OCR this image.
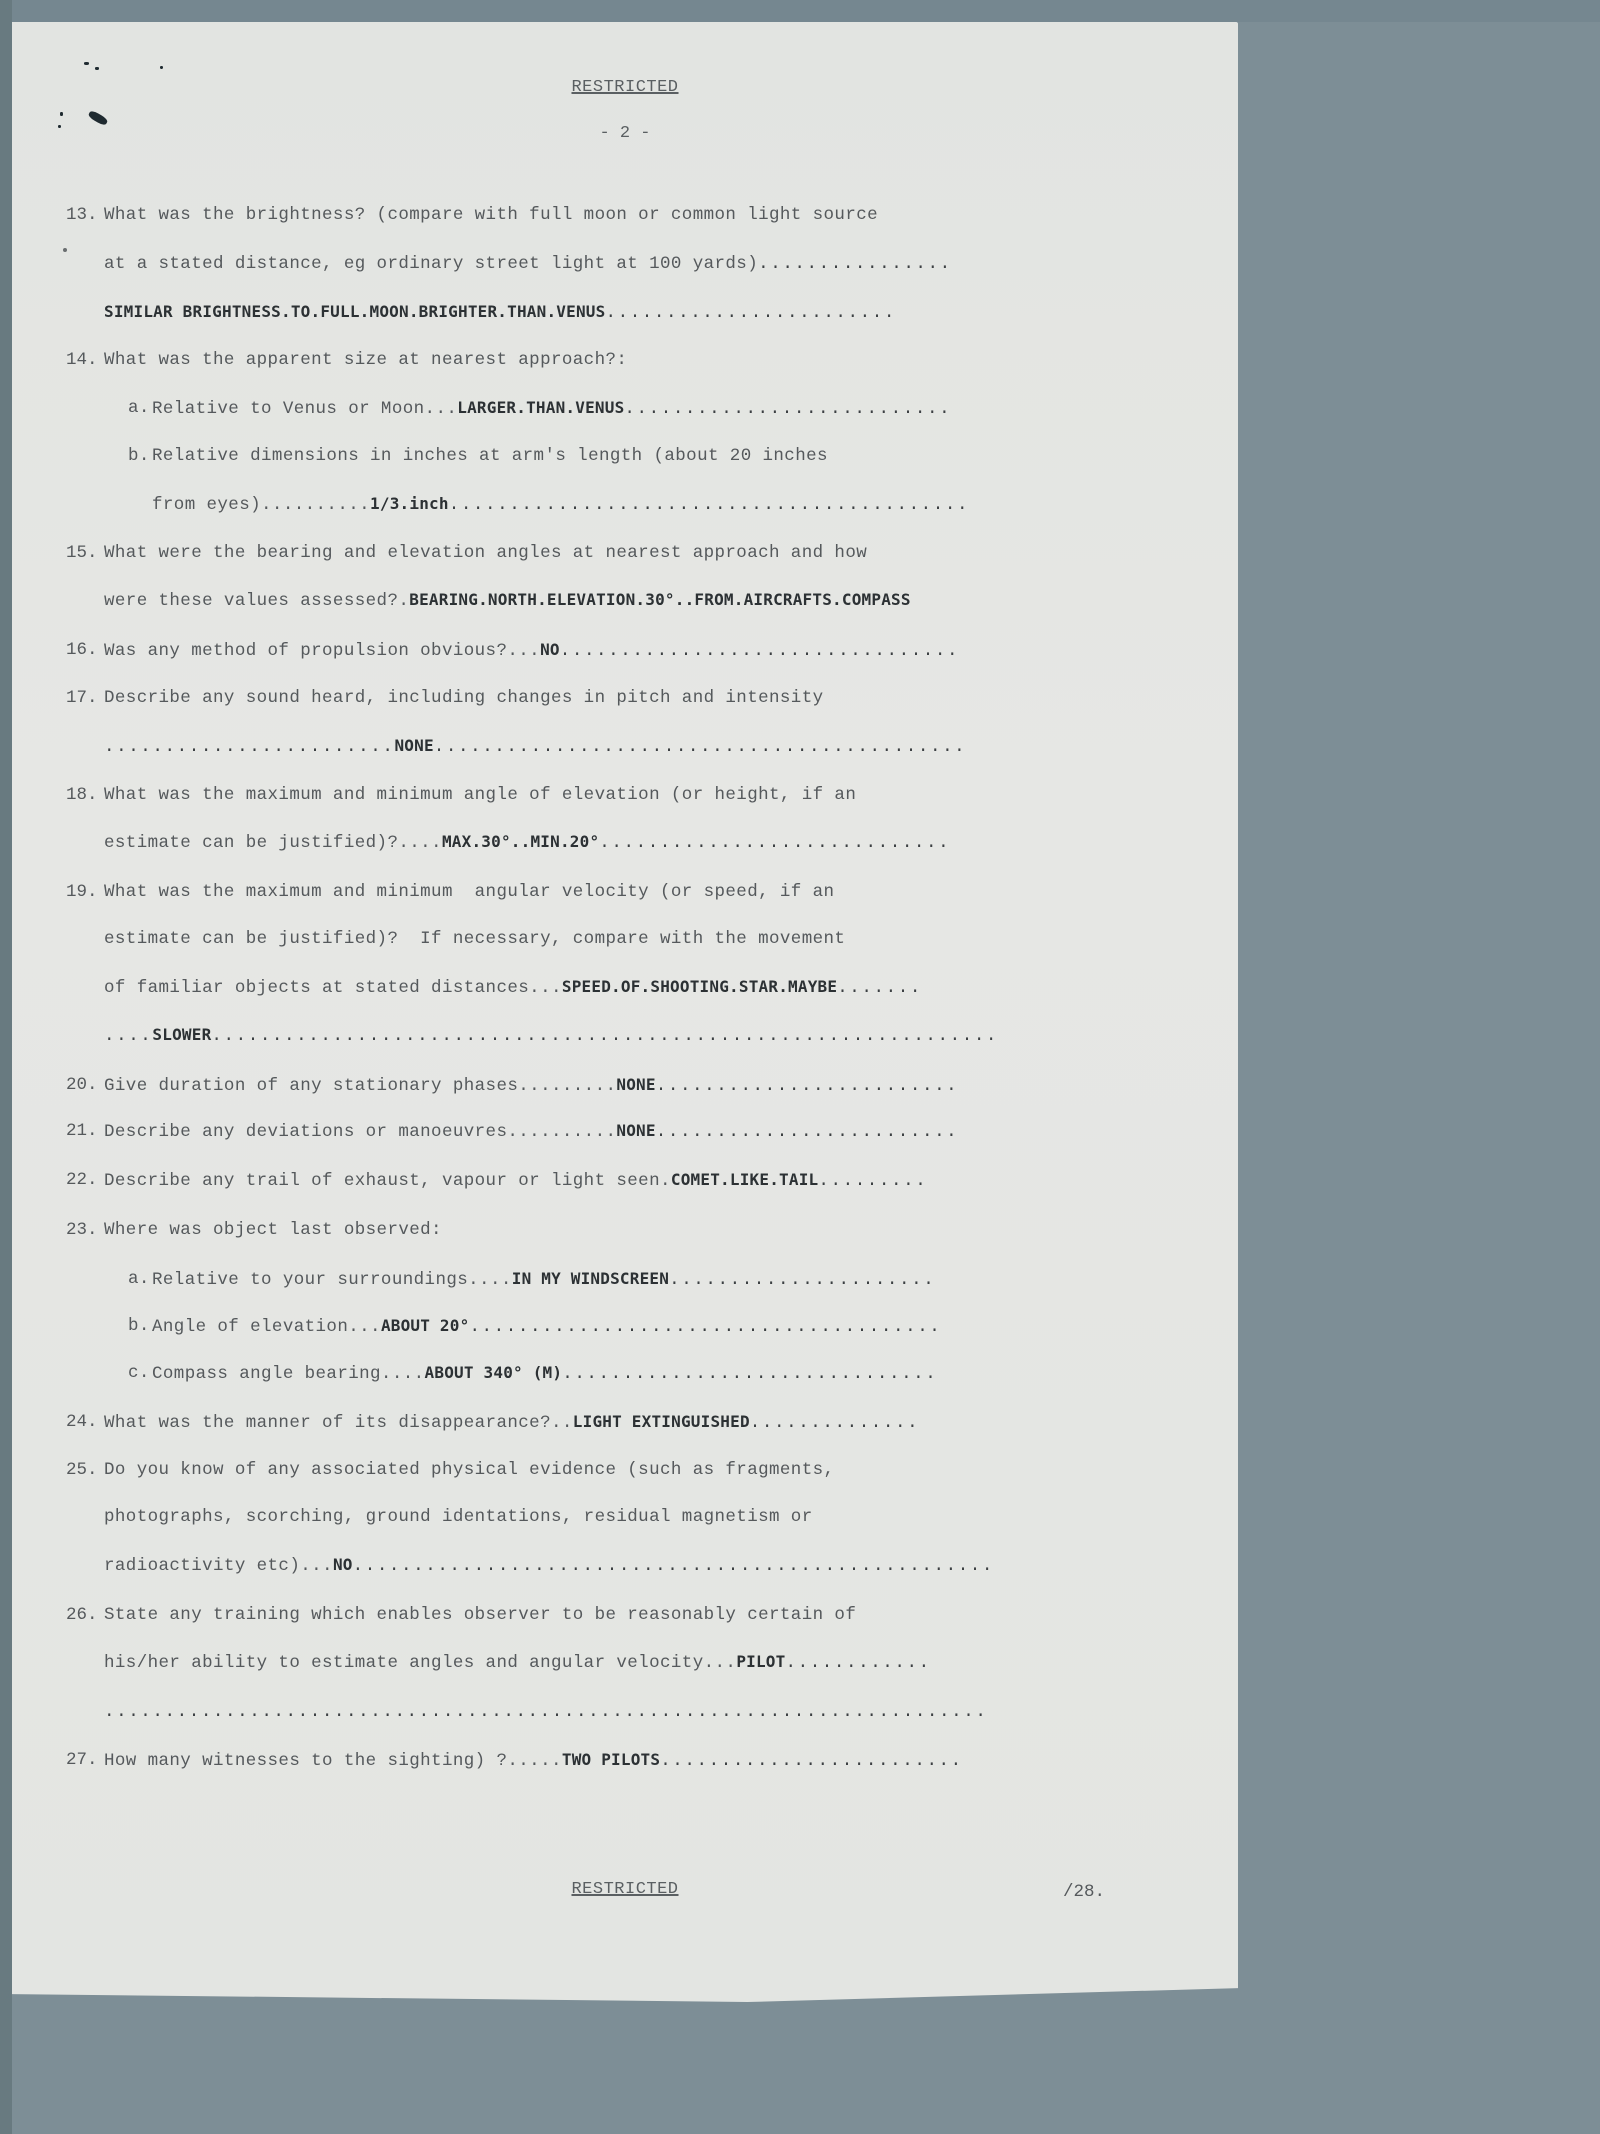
RESTRICTED
- 2 -
13. What was the brightness? (compare with full moon or common light source
at a stated distance, eg ordinary street light at 100 yards)................
SIMILAR BRIGHTNESS.TO.FULL.MOON.BRIGHTER.THAN.VENUS........................
14. What was the apparent size at nearest approach?:
a. Relative to Venus or Moon...LARGER.THAN.VENUS...........................
b. Relative dimensions in inches at arm's length (about 20 inches
from eyes)..........1/3.inch...........................................
15. What were the bearing and elevation angles at nearest approach and how
were these values assessed?.BEARING.NORTH.ELEVATION.30°..FROM.AIRCRAFTS.COMPASS
16. Was any method of propulsion obvious?...NO.................................
17. Describe any sound heard, including changes in pitch and intensity
........................NONE............................................
18. What was the maximum and minimum angle of elevation (or height, if an
estimate can be justified)?....MAX.30°..MIN.20°.............................
19. What was the maximum and minimum  angular velocity (or speed, if an
estimate can be justified)?  If necessary, compare with the movement
of familiar objects at stated distances...SPEED.OF.SHOOTING.STAR.MAYBE.......
....SLOWER.................................................................
20. Give duration of any stationary phases.........NONE.........................
21. Describe any deviations or manoeuvres..........NONE.........................
22. Describe any trail of exhaust, vapour or light seen.COMET.LIKE.TAIL.........
23. Where was object last observed:
a. Relative to your surroundings....IN MY WINDSCREEN......................
b. Angle of elevation...ABOUT 20°.......................................
c. Compass angle bearing....ABOUT 340° (M)...............................
24. What was the manner of its disappearance?..LIGHT EXTINGUISHED..............
25. Do you know of any associated physical evidence (such as fragments,
photographs, scorching, ground identations, residual magnetism or
radioactivity etc)...NO.....................................................
26. State any training which enables observer to be reasonably certain of
his/her ability to estimate angles and angular velocity...PILOT............
.........................................................................
27. How many witnesses to the sighting) ?.....TWO PILOTS.........................
RESTRICTED	/28.
